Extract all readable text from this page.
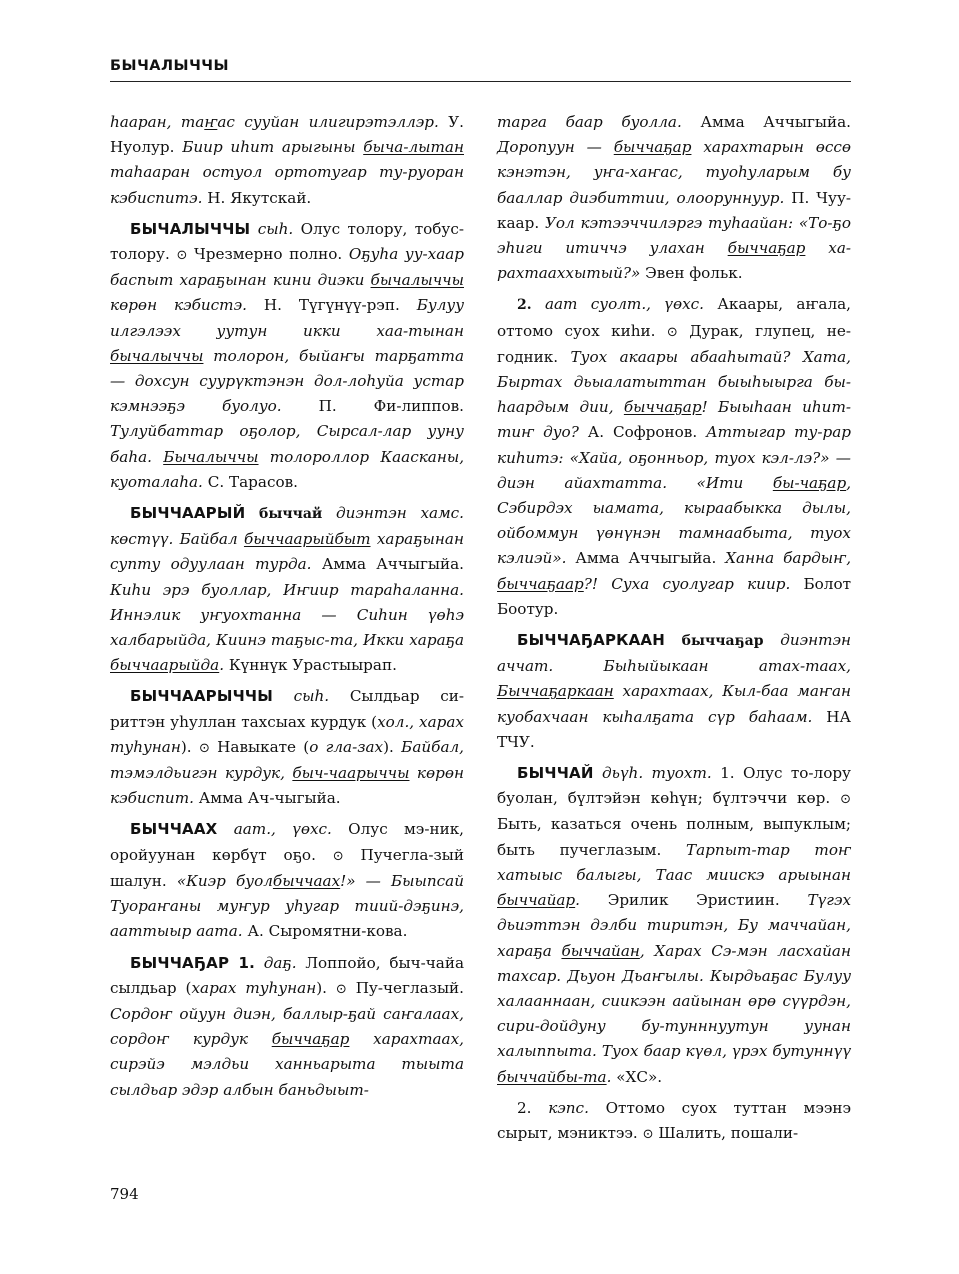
БЫЧАЛЫЧЧЫ

һаaран, таҥас сууйан илигирэтэллэр. У. Нуолур. Биир иһит арыгыны быча-лытан таһааран остуол ортотугар ту-руоран кэбиспитэ. Н. Якутскай.

БЫЧАЛЫЧЧЫ сыһ. Олус толору, тобус-толору. ⊙ Чрезмерно полно. Оҕуһа уу-хаар баспыт хараҕынан кини диэки бычалыччы көрөн кэбистэ. Н. Түгүнүү-рэп. Булуу илгэлээх уутун икки хаа-тынан бычалыччы толорон, быйаҥы тарҕатта — дохсун суурүктэнэн дол-лоһуйа устар кэмнээҕэ буолуо. П. Фи-липпов. Тулуйбаттар оҕолор, Сырсал-лар ууну баһа. Бычалыччы толороллор Каасканы, куоталаһа. С. Тарасов.

БЫЧЧААРЫЙ быччай диэнтэн хамс. көстүү. Байбал быччаарыйбыт хараҕынан супту одуулаан турда. Амма Аччыгыйа. Киһи эрэ буоллар, Иҥиир тараһаланна. Иннэлик уҥуохтанна — Сиһин үөһэ халбарыйда, Киинэ таҕыс-та, Икки хараҕа быччаарыйда. Күннүк Урастыырап.

БЫЧЧААРЫЧЧЫ сыһ. Сылдьар си-риттэн уһуллан тахсыах курдук (хол., харах туһунан). ⊙ Навыкате (о гла-зах). Байбал, тэмэлдьигэн курдук, быч-чаарыччы көрөн кэбиспит. Амма Ач-чыгыйа.

БЫЧЧААХ аат., үөхс. Олус мэ-ник, оройуунан көрбүт оҕо. ⊙ Пучегла-зый шалун. «Киэр буолбыччаах!» — Быыпсай Туораҥаны муҥур уһугар тиий-дэҕинэ, ааттыыр аата. А. Сыромятни-кова.

БЫЧЧАҔАР 1. даҕ. Лоппойо, быч-чайа сылдьар (харах туһунан). ⊙ Пу-чеглазый. Сордоҥ ойуун диэн, баллыр-ҕай саҥалаах, сордоҥ курдук быччаҕар харахтаах, сирэйэ мэлдьи ханньарыта тыыта сылдьар эдэр албын баньдыыт-

тарга баар буолла. Амма Аччыгыйа. Доропуун — быччаҕар харахтарын өссө кэнэтэн, уҥа-хаҥас, туоһуларым бу бааллар диэбиттии, олооруннуур. П. Чуу-каар. Уол кэтээччилэргэ туһаайан: «То-ҕо эһиги итиччэ улахан быччаҕар ха-рахтааххытый?» Эвен фольк.

2. аат суолт., үөхс. Акаары, аҥала, оттомо суох киһи. ⊙ Дурак, глупец, не-годник. Туох акаары абааһытай? Хата, Быртах дьыалатыттан быыһыырга бы-һаардым дии, быччаҕар! Быыһаан иһит-тиҥ дуо? А. Софронов. Аттыгар ту-рар киһитэ: «Хайа, оҕонньор, туох кэл-лэ?» — диэн айахтатта. «Ити бы-чаҕар, Сэбирдэх ыамата, кыраабыкка дылы, ойбоммун үөнүнэн тамнаабыта, туох кэлиэй». Амма Аччыгыйа. Ханна бардыҥ, быччаҕаар?! Суха суолугар киир. Болот Боотур.

БЫЧЧАҔАРКААН быччаҕар диэнтэн аччат.	Быһыйыкаан атах-таах, Быччаҕаркаан харахтаах, Кыл-баа маҥан куобахчаан кыһалҕата сүр баһаам. НА ТЧУ.

БЫЧЧАЙ дьүһ. туохт. 1. Олус то-лору буолан, бүлтэйэн көһүн; бүлтэччи көр. ⊙ Быть, казаться очень полным, выпуклым; быть пучеглазым. Тарпыт-тар тоҥ хатыыс балыгы, Таас миискэ арыынан быччайар. Эрилик Эристиин. Түгэх дьиэттэн дэлби тиритэн, Бу маччайан, хараҕа быччайан, Харах Сэ-мэн ласхайан тахсар. Дьуон Дьаҥылы. Кырдьаҕас Булуу халааннаан, сиикээн аайынан өрө сүүрдэн, сири-дойдуну бу-тунннуутун уунан халыппыта. Туох баар күөл, үрэх бутуннүү быччайбы-та. «ХС».

2. кэпс. Оттомо суох туттан мээнэ сырыт, мэниктээ. ⊙ Шалить, пошали-

794
